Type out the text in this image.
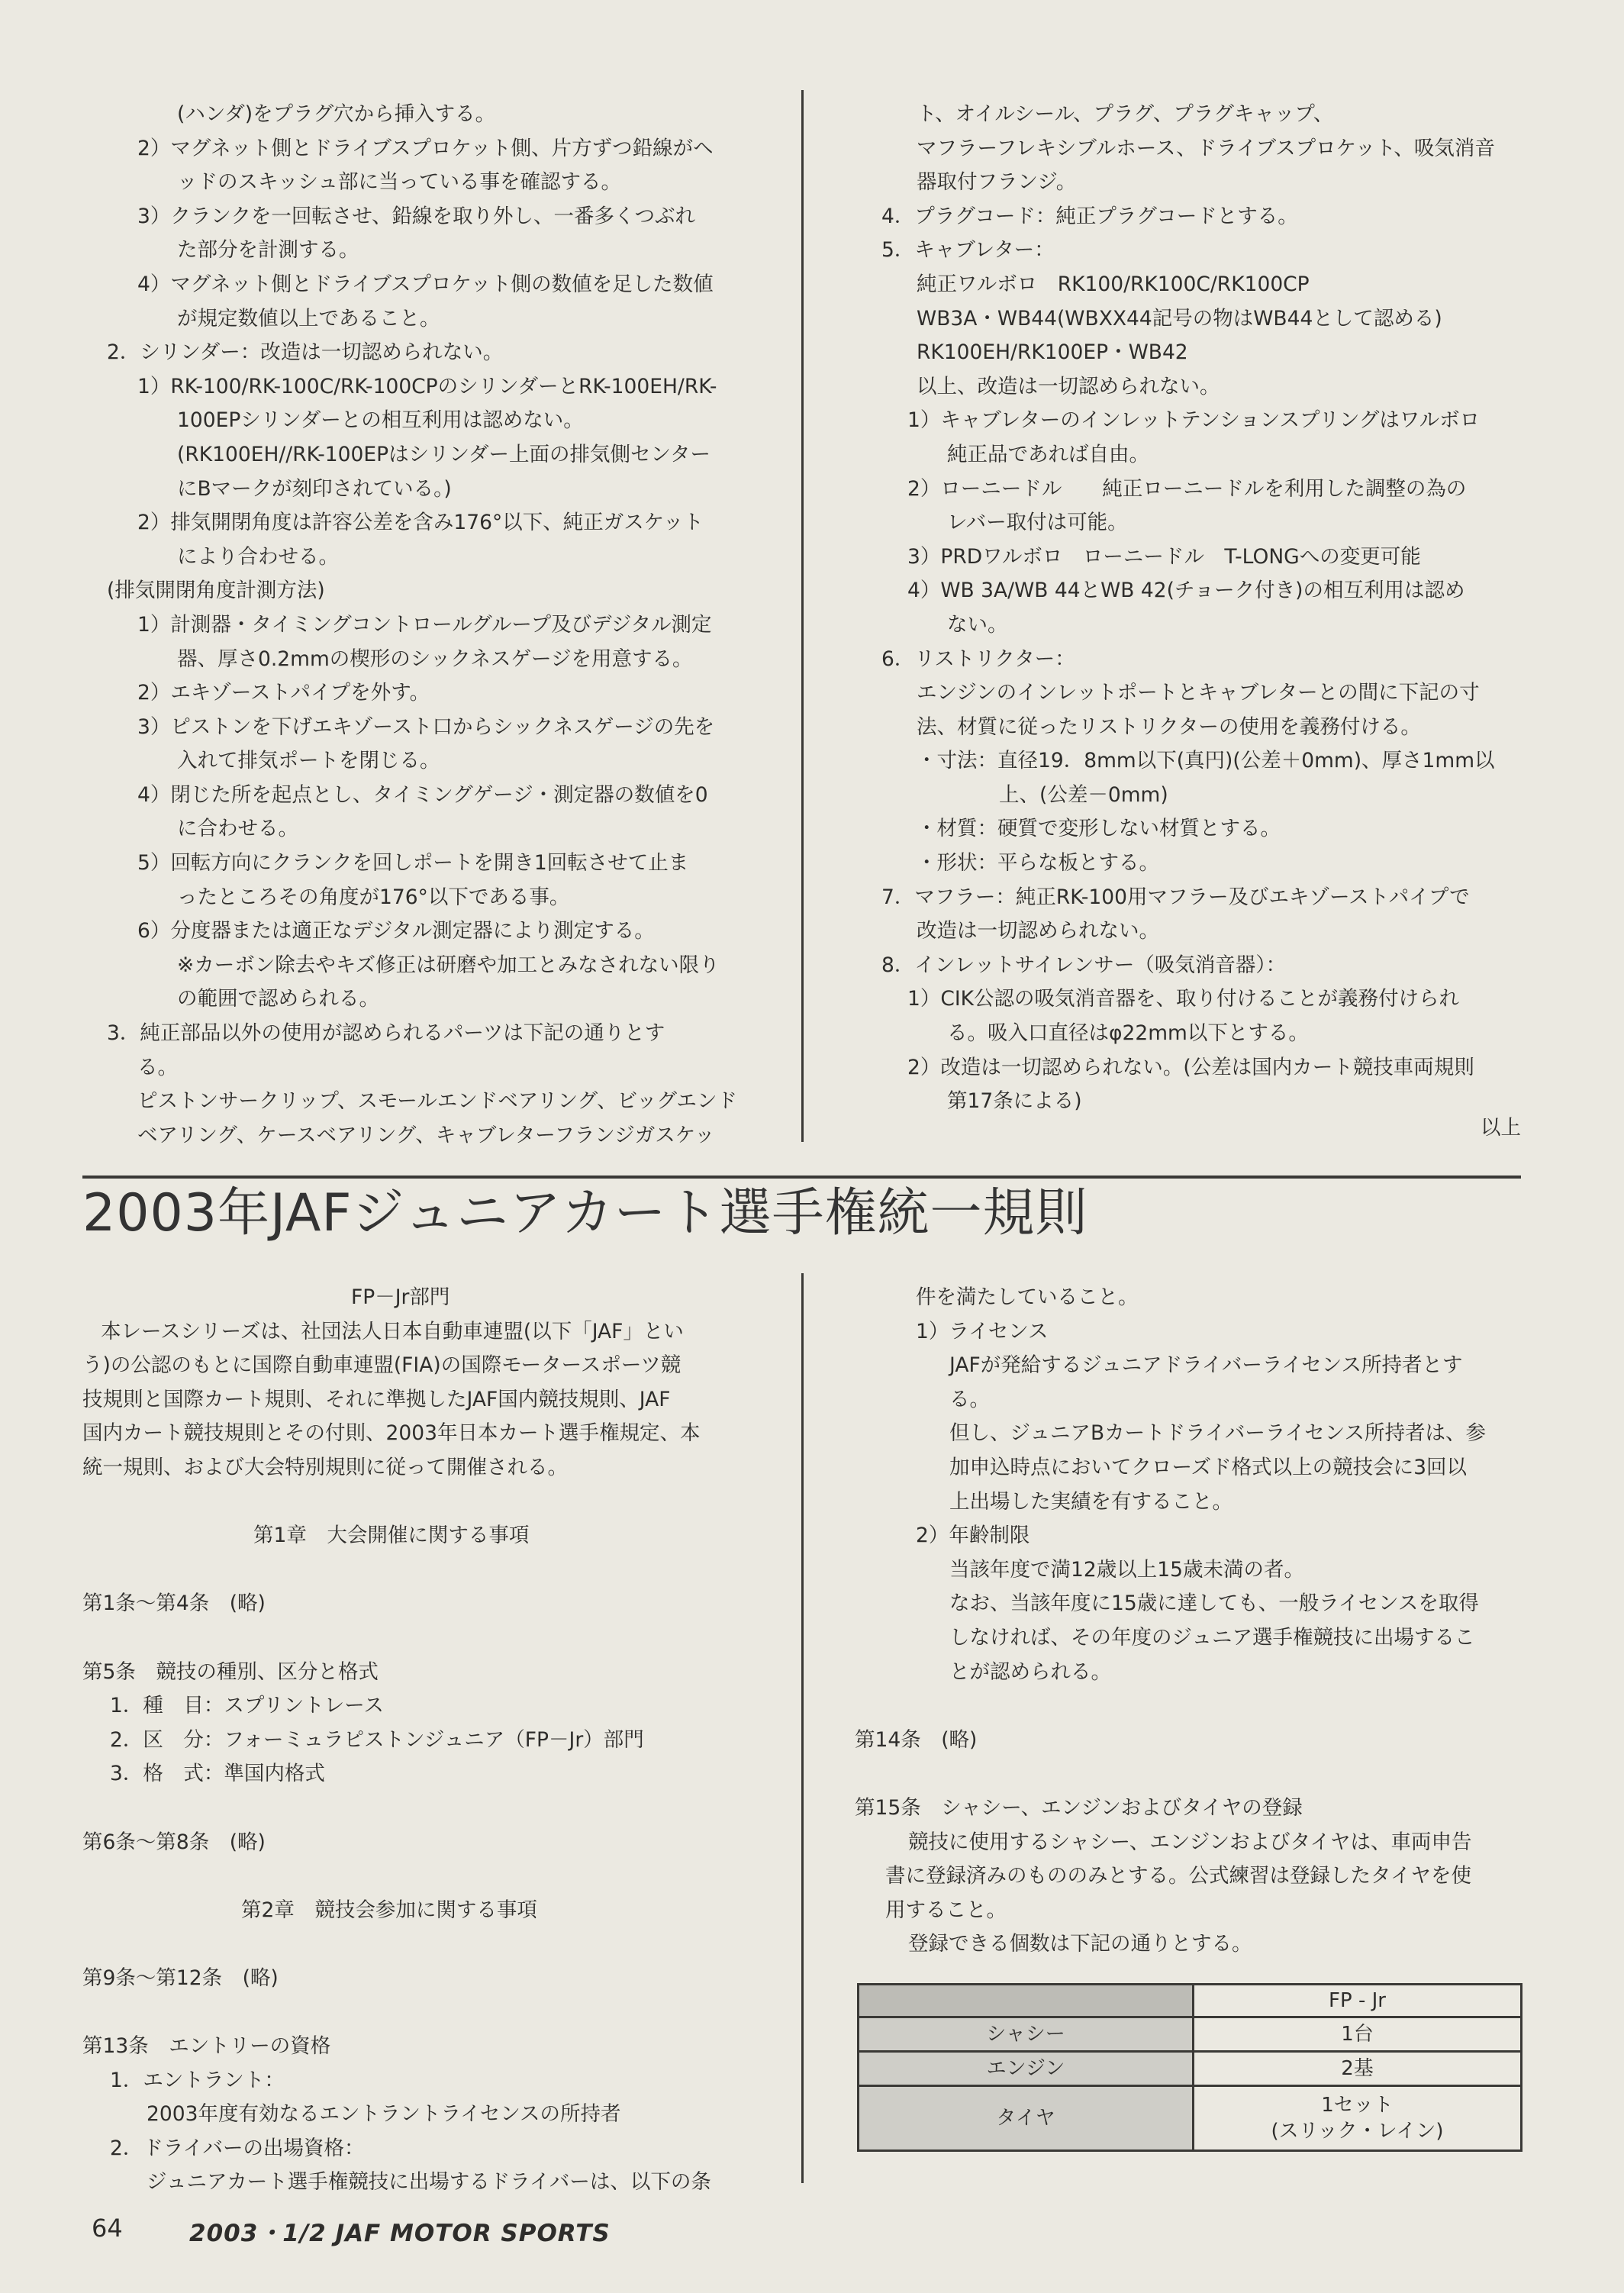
(ハンダ)をプラグ穴から挿入する。
2）マグネット側とドライブスプロケット側、片方ずつ鉛線がヘ
ッドのスキッシュ部に当っている事を確認する。
3）クランクを一回転させ、鉛線を取り外し、一番多くつぶれ
た部分を計測する。
4）マグネット側とドライブスプロケット側の数値を足した数値
が規定数値以上であること。
2．シリンダー：改造は一切認められない。
1）RK-100/RK-100C/RK-100CPのシリンダーとRK-100EH/RK-
100EPシリンダーとの相互利用は認めない。
(RK100EH//RK-100EPはシリンダー上面の排気側センター
にBマークが刻印されている。)
2）排気開閉角度は許容公差を含み176°以下、純正ガスケット
により合わせる。
(排気開閉角度計測方法)
1）計測器・タイミングコントロールグループ及びデジタル測定
器、厚さ0.2mmの楔形のシックネスゲージを用意する。
2）エキゾーストパイプを外す。
3）ピストンを下げエキゾースト口からシックネスゲージの先を
入れて排気ポートを閉じる。
4）閉じた所を起点とし、タイミングゲージ・測定器の数値を0
に合わせる。
5）回転方向にクランクを回しポートを開き1回転させて止ま
ったところその角度が176°以下である事。
6）分度器または適正なデジタル測定器により測定する。
※カーボン除去やキズ修正は研磨や加工とみなされない限り
の範囲で認められる。
3．純正部品以外の使用が認められるパーツは下記の通りとす
る。
ピストンサークリップ、スモールエンドベアリング、ビッグエンド
ベアリング、ケースベアリング、キャブレターフランジガスケッ
ト、オイルシール、プラグ、プラグキャップ、
マフラーフレキシブルホース、ドライブスプロケット、吸気消音
器取付フランジ。
4．プラグコード：純正プラグコードとする。
5．キャブレター：
純正ワルボロ　RK100/RK100C/RK100CP
WB3A・WB44(WBXX44記号の物はWB44として認める)
RK100EH/RK100EP・WB42
以上、改造は一切認められない。
1）キャブレターのインレットテンションスプリングはワルボロ
純正品であれば自由。
2）ローニードル　　純正ローニードルを利用した調整の為の
レバー取付は可能。
3）PRDワルボロ　ローニードル　T-LONGへの変更可能
4）WB 3A/WB 44とWB 42(チョーク付き)の相互利用は認め
ない。
6．リストリクター：
エンジンのインレットポートとキャブレターとの間に下記の寸
法、材質に従ったリストリクターの使用を義務付ける。
・寸法：直径19．8mm以下(真円)(公差＋0mm)、厚さ1mm以
上、(公差－0mm)
・材質：硬質で変形しない材質とする。
・形状：平らな板とする。
7．マフラー：純正RK-100用マフラー及びエキゾーストパイプで
改造は一切認められない。
8．インレットサイレンサー（吸気消音器）：
1）CIK公認の吸気消音器を、取り付けることが義務付けられ
る。吸入口直径はφ22mm以下とする。
2）改造は一切認められない。(公差は国内カート競技車両規則
第17条による)
以上
2003年JAFジュニアカート選手権統一規則
FP－Jr部門
本レースシリーズは、社団法人日本自動車連盟(以下「JAF」とい
う)の公認のもとに国際自動車連盟(FIA)の国際モータースポーツ競
技規則と国際カート規則、それに準拠したJAF国内競技規則、JAF
国内カート競技規則とその付則、2003年日本カート選手権規定、本
統一規則、および大会特別規則に従って開催される。
第1章　大会開催に関する事項
第1条～第4条　(略)
第5条　競技の種別、区分と格式
1．種　目：スプリントレース
2．区　分：フォーミュラピストンジュニア（FP－Jr）部門
3．格　式：準国内格式
第6条～第8条　(略)
第2章　競技会参加に関する事項
第9条～第12条　(略)
第13条　エントリーの資格
1．エントラント：
2003年度有効なるエントラントライセンスの所持者
2．ドライバーの出場資格：
ジュニアカート選手権競技に出場するドライバーは、以下の条
件を満たしていること。
1）ライセンス
JAFが発給するジュニアドライバーライセンス所持者とす
る。
但し、ジュニアBカートドライバーライセンス所持者は、参
加申込時点においてクローズド格式以上の競技会に3回以
上出場した実績を有すること。
2）年齢制限
当該年度で満12歳以上15歳未満の者。
なお、当該年度に15歳に達しても、一般ライセンスを取得
しなければ、その年度のジュニア選手権競技に出場するこ
とが認められる。
第14条　(略)
第15条　シャシー、エンジンおよびタイヤの登録
競技に使用するシャシー、エンジンおよびタイヤは、車両申告
書に登録済みのもののみとする。公式練習は登録したタイヤを使
用すること。
登録できる個数は下記の通りとする。
	FP - Jr
シャシー	1台
エンジン	2基
タイヤ	1セット
(スリック・レイン)
64	2003・1/2 JAF MOTOR SPORTS
